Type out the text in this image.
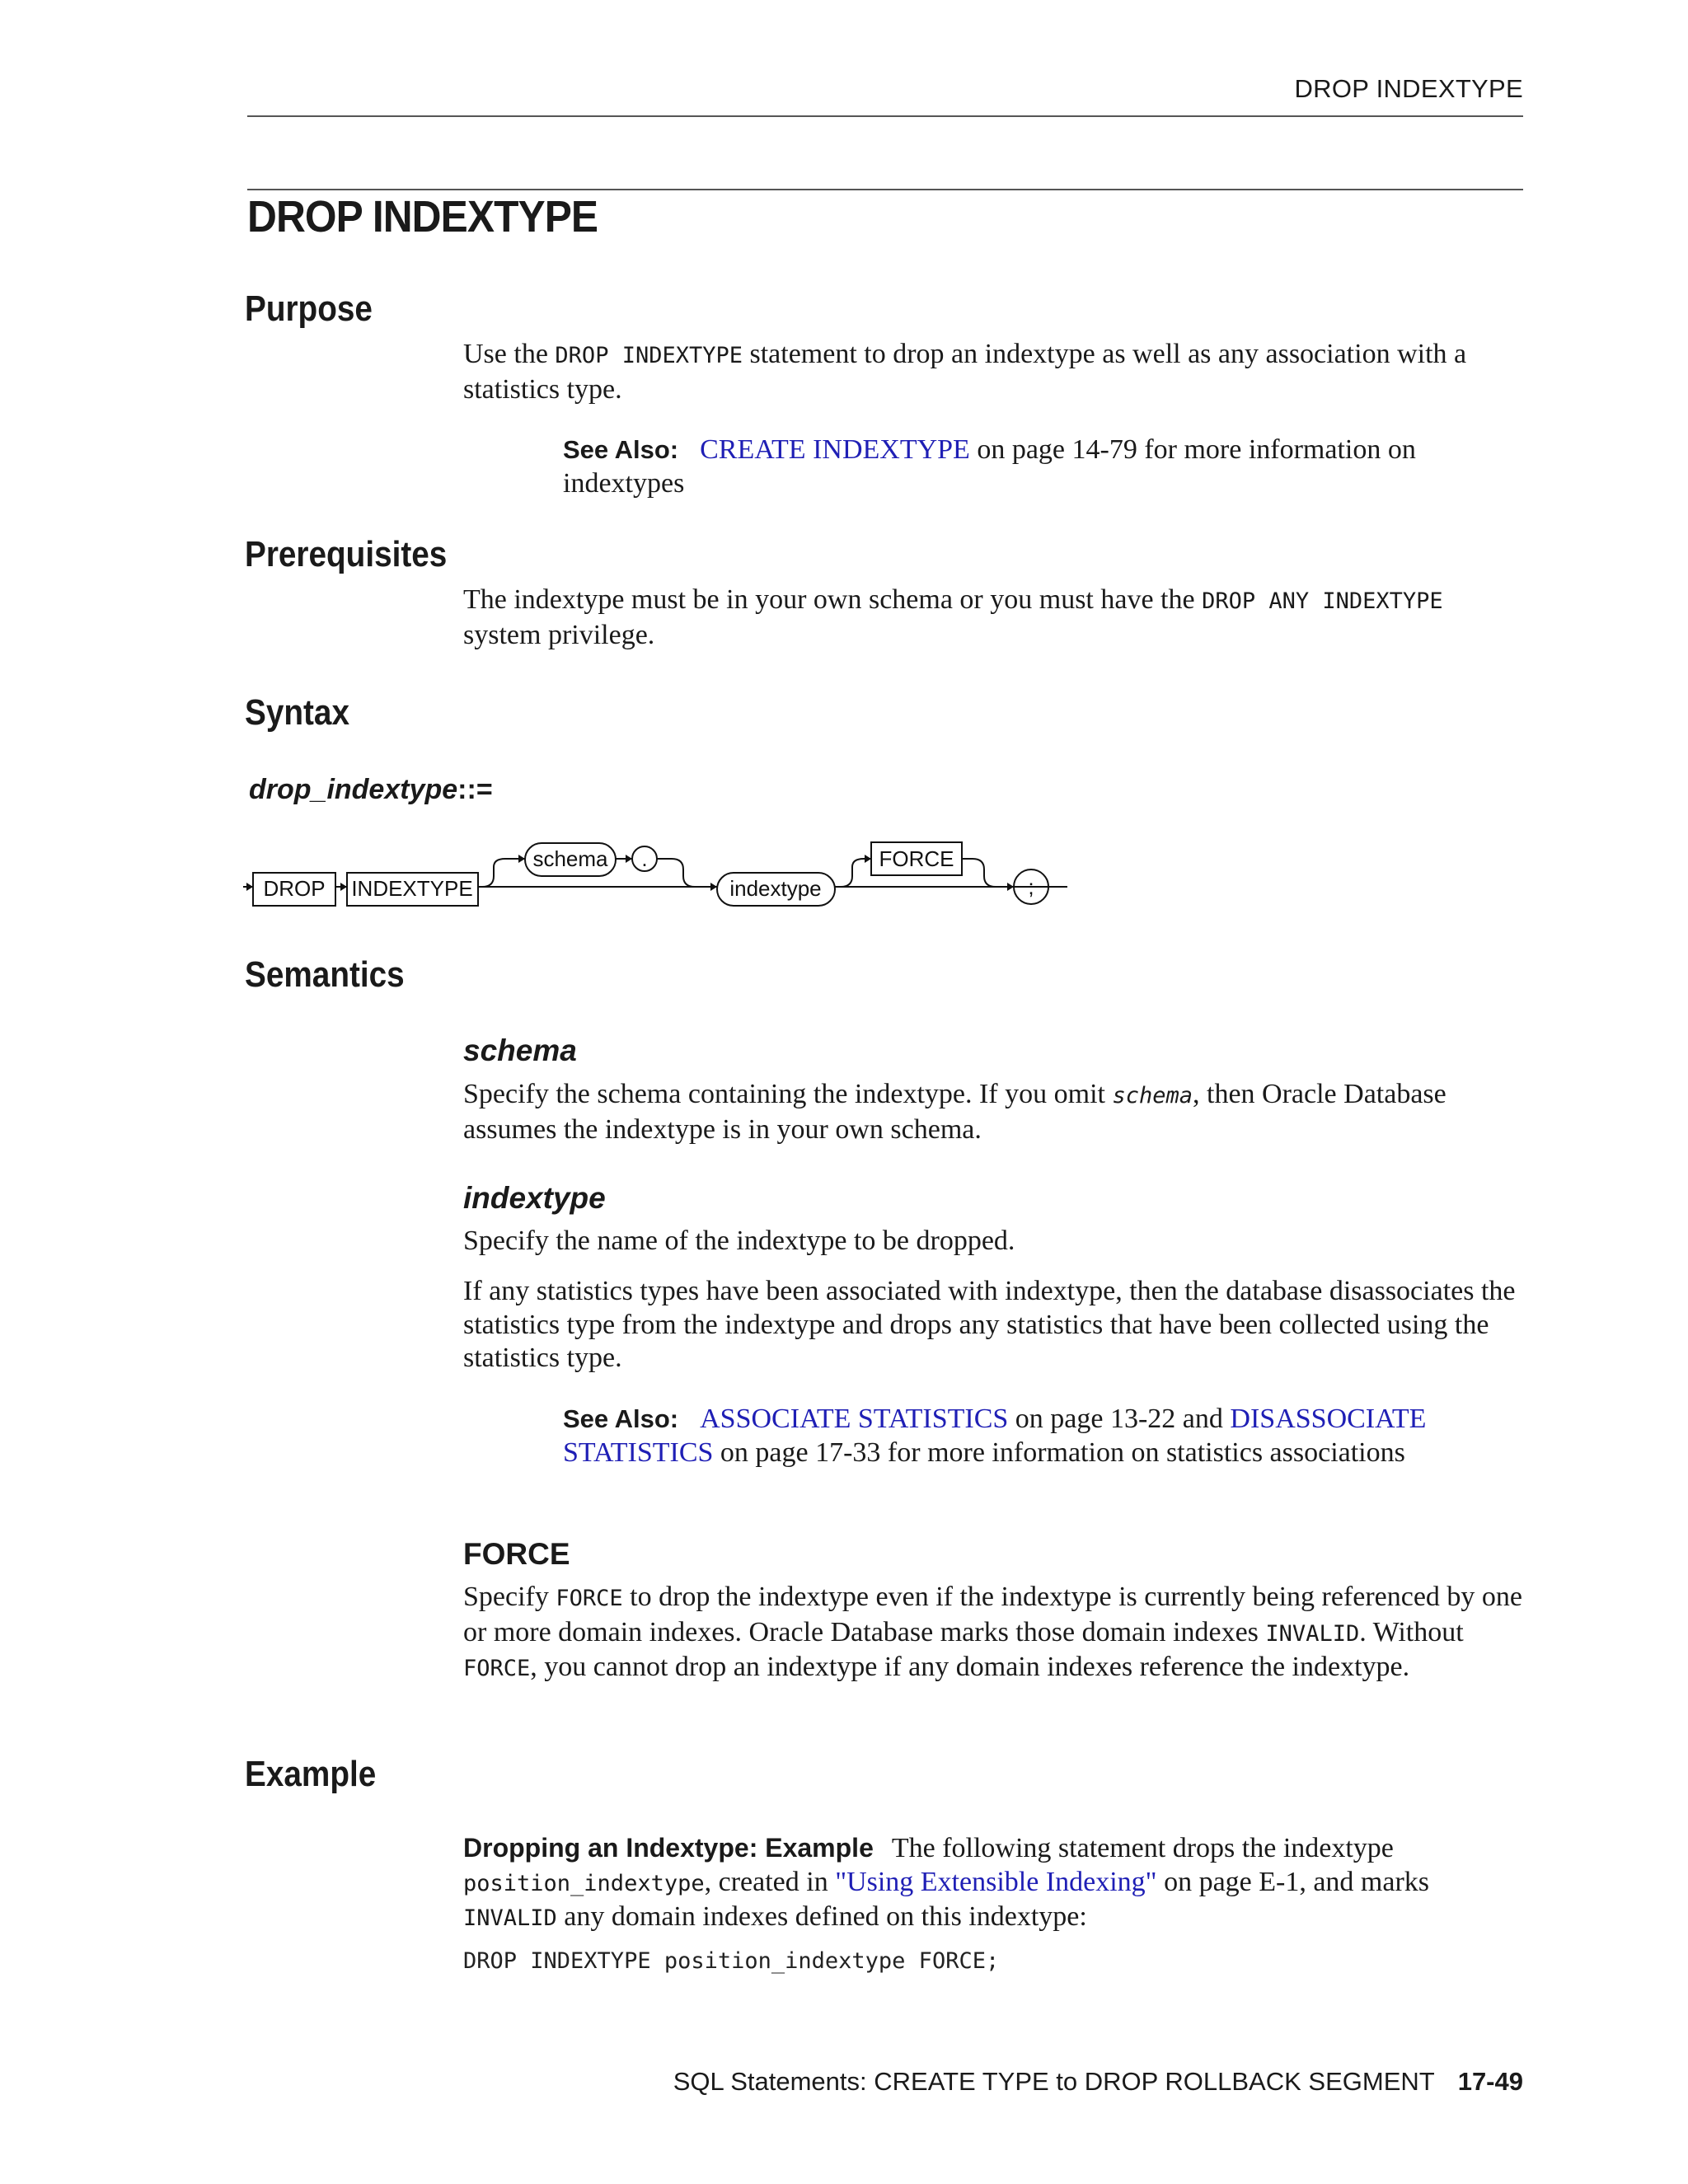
DROP INDEXTYPE
DROP INDEXTYPE
Purpose

Use the DROP INDEXTYPE statement to drop an indextype as well as any association with a statistics type.

See Also: CREATE INDEXTYPE on page 14-79 for more information on indextypes

Prerequisites

The indextype must be in your own schema or you must have the DROP ANY INDEXTYPE system privilege.

Syntax
drop_indextype::=
DROP INDEXTYPE
schema .
indextype
FORCE
;
Semantics
schema

Specify the schema containing the indextype. If you omit schema, then Oracle Database assumes the indextype is in your own schema.

indextype

Specify the name of the indextype to be dropped.

If any statistics types have been associated with indextype, then the database disassociates the statistics type from the indextype and drops any statistics that have been collected using the statistics type.

See Also: ASSOCIATE STATISTICS on page 13-22 and DISASSOCIATE STATISTICS on page 17-33 for more information on statistics associations

FORCE

Specify FORCE to drop the indextype even if the indextype is currently being referenced by one or more domain indexes. Oracle Database marks those domain indexes INVALID. Without FORCE, you cannot drop an indextype if any domain indexes reference the indextype.

Example

Dropping an Indextype: Example The following statement drops the indextype position_indextype, created in "Using Extensible Indexing" on page E-1, and marks INVALID any domain indexes defined on this indextype:

DROP INDEXTYPE position_indextype FORCE;
SQL Statements: CREATE TYPE to DROP ROLLBACK SEGMENT 17-49
